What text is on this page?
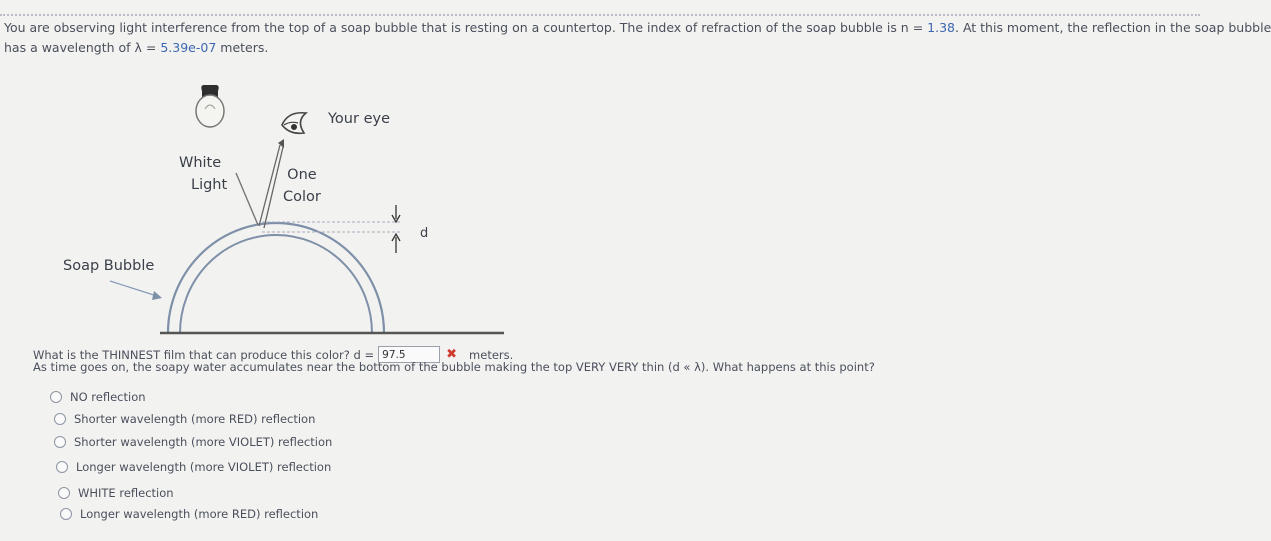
You are observing light interference from the top of a soap bubble that is resting on a countertop. The index of refraction of the soap bubble is n = 1.38. At this moment, the reflection in the soap bubble
has a wavelength of λ = 5.39e-07 meters.
White
Light
One
Color
Your eye
Soap Bubble
d
What is the THINNEST film that can produce this color? d = 97.5	✖ meters.
As time goes on, the soapy water accumulates near the bottom of the bubble making the top VERY VERY thin (d « λ). What happens at this point?
NO reflection
Shorter wavelength (more RED) reflection
Shorter wavelength (more VIOLET) reflection
Longer wavelength (more VIOLET) reflection
WHITE reflection
Longer wavelength (more RED) reflection
